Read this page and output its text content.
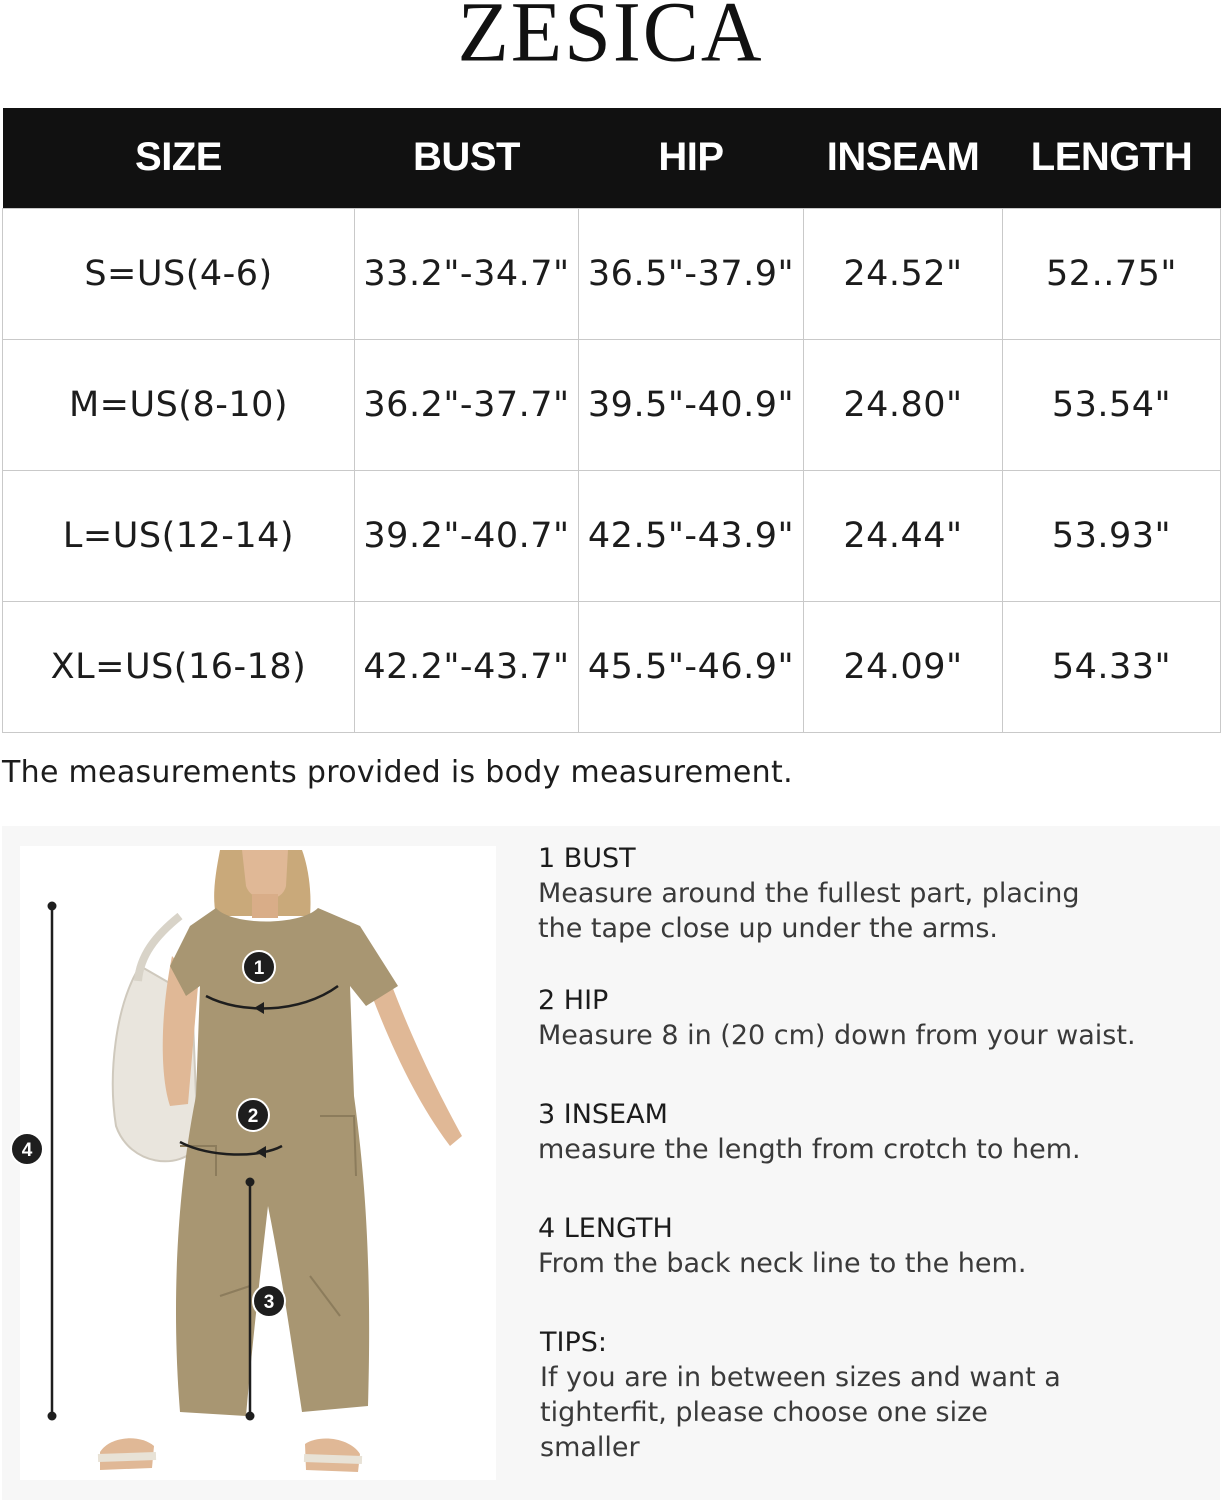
ZESICA
SIZE	BUST	HIP	INSEAM	LENGTH
S=US(4-6)	33.2"-34.7"	36.5"-37.9"	24.52"	52..75"
M=US(8-10)	36.2"-37.7"	39.5"-40.9"	24.80"	53.54"
L=US(12-14)	39.2"-40.7"	42.5"-43.9"	24.44"	53.93"
XL=US(16-18)	42.2"-43.7"	45.5"-46.9"	24.09"	54.33"
The measurements provided is body measurement.
1
2
3
4
1 BUST
Measure around the fullest part, placing
the tape close up under the arms.
2 HIP
Measure 8 in (20 cm) down from your waist.
3 INSEAM
measure the length from crotch to hem.
4 LENGTH
From the back neck line to the hem.
TIPS:
If you are in between sizes and want a
tighterfit, please choose one size
smaller
